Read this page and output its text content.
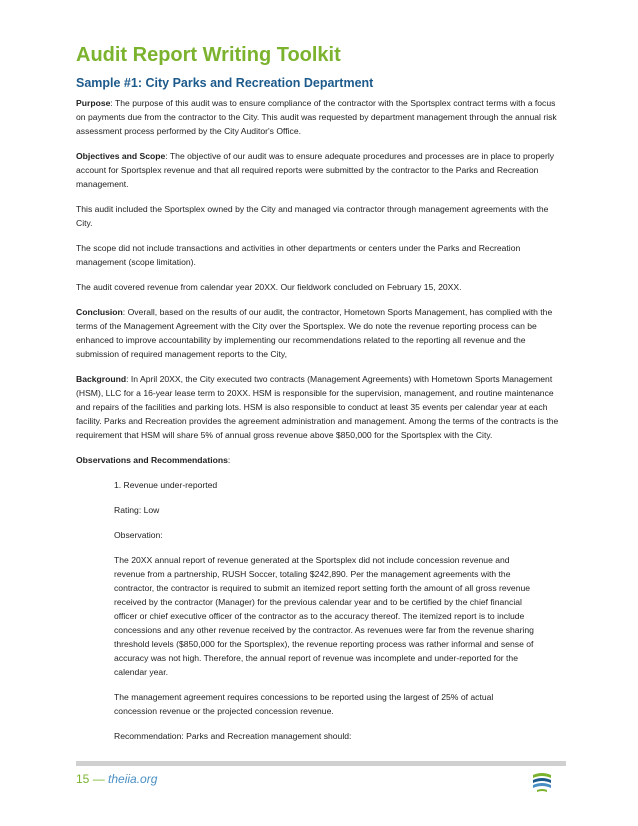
Audit Report Writing Toolkit
Sample #1: City Parks and Recreation Department

Purpose: The purpose of this audit was to ensure compliance of the contractor with the Sportsplex contract terms with a focus on payments due from the contractor to the City. This audit was requested by department management through the annual risk assessment process performed by the City Auditor's Office.

Objectives and Scope: The objective of our audit was to ensure adequate procedures and processes are in place to properly account for Sportsplex revenue and that all required reports were submitted by the contractor to the Parks and Recreation management.

This audit included the Sportsplex owned by the City and managed via contractor through management agreements with the City.

The scope did not include transactions and activities in other departments or centers under the Parks and Recreation management (scope limitation).

The audit covered revenue from calendar year 20XX. Our fieldwork concluded on February 15, 20XX.

Conclusion: Overall, based on the results of our audit, the contractor, Hometown Sports Management, has complied with the terms of the Management Agreement with the City over the Sportsplex. We do note the revenue reporting process can be enhanced to improve accountability by implementing our recommendations related to the reporting all revenue and the submission of required management reports to the City,

Background: In April 20XX, the City executed two contracts (Management Agreements) with Hometown Sports Management (HSM), LLC for a 16-year lease term to 20XX. HSM is responsible for the supervision, management, and routine maintenance and repairs of the facilities and parking lots. HSM is also responsible to conduct at least 35 events per calendar year at each facility. Parks and Recreation provides the agreement administration and management. Among the terms of the contracts is the requirement that HSM will share 5% of annual gross revenue above $850,000 for the Sportsplex with the City.

Observations and Recommendations:

1. Revenue under-reported

Rating: Low

Observation:

The 20XX annual report of revenue generated at the Sportsplex did not include concession revenue and revenue from a partnership, RUSH Soccer, totaling $242,890. Per the management agreements with the contractor, the contractor is required to submit an itemized report setting forth the amount of all gross revenue received by the contractor (Manager) for the previous calendar year and to be certified by the chief financial officer or chief executive officer of the contractor as to the accuracy thereof. The itemized report is to include concessions and any other revenue received by the contractor. As revenues were far from the revenue sharing threshold levels ($850,000 for the Sportsplex), the revenue reporting process was rather informal and sense of accuracy was not high. Therefore, the annual report of revenue was incomplete and under-reported for the calendar year.

The management agreement requires concessions to be reported using the largest of 25% of actual concession revenue or the projected concession revenue.

Recommendation: Parks and Recreation management should:

15 — theiia.org
